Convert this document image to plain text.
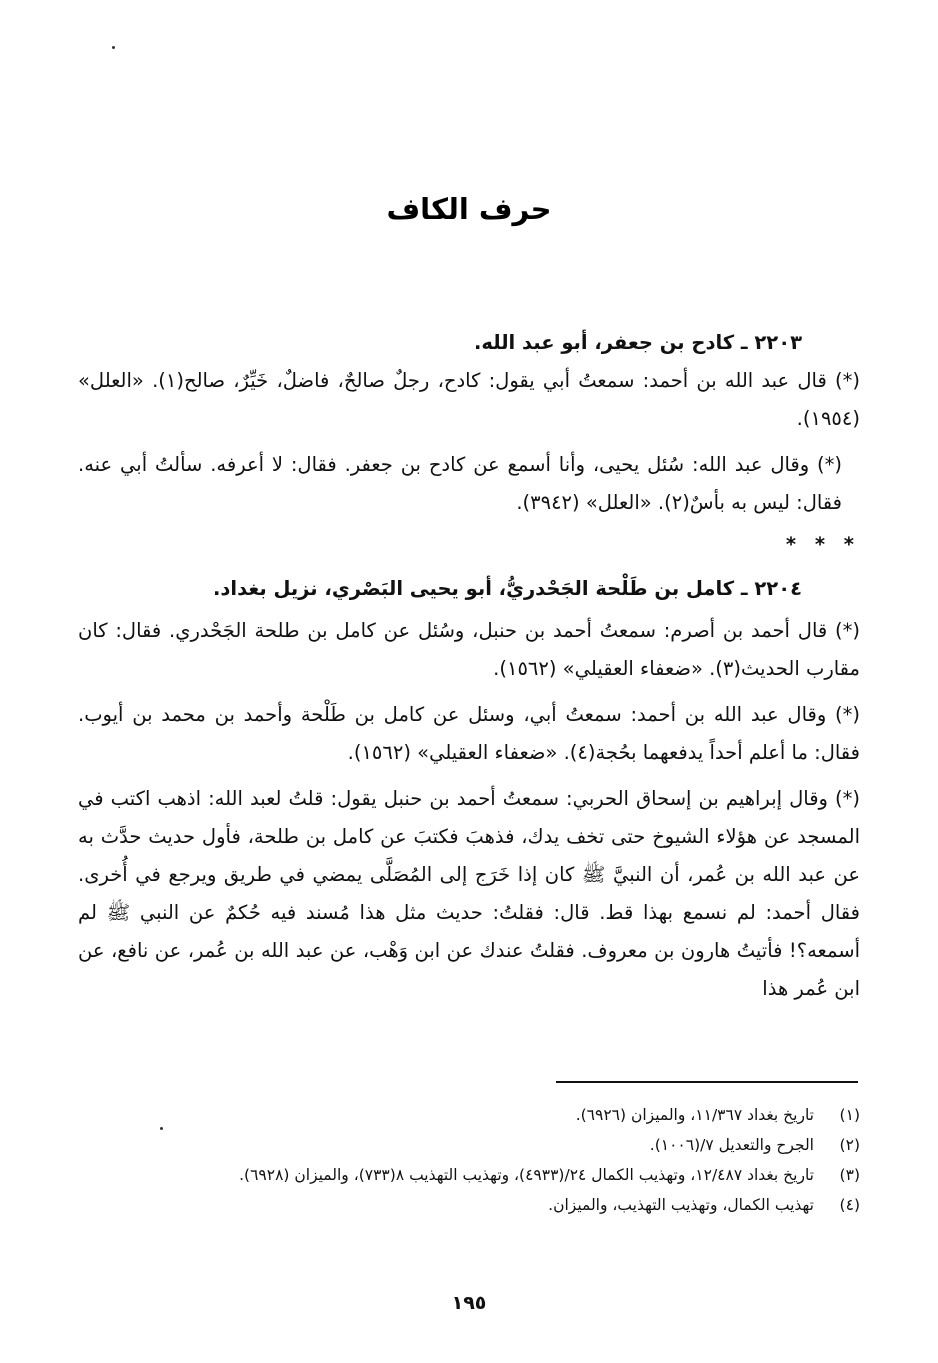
حرف الكاف
٢٢٠٣ ـ كادح بن جعفر، أبو عبد الله.

(*) قال عبد الله بن أحمد: سمعتُ أبي يقول: كادح، رجلٌ صالحٌ، فاضلٌ، خَيِّرٌ، صالح(١). «العلل» (١٩٥٤).

(*) وقال عبد الله: سُئل يحيى، وأنا أسمع عن كادح بن جعفر. فقال: لا أعرفه. سألتُ أبي عنه. فقال: ليس به بأسٌ(٢). «العلل» (٣٩٤٢).

* * *
٢٢٠٤ ـ كامل بن طَلْحة الجَحْدريُّ، أبو يحيى البَصْري، نزيل بغداد.

(*) قال أحمد بن أصرم: سمعتُ أحمد بن حنبل، وسُئل عن كامل بن طلحة الجَحْدري. فقال: كان مقارب الحديث(٣). «ضعفاء العقيلي» (١٥٦٢).

(*) وقال عبد الله بن أحمد: سمعتُ أبي، وسئل عن كامل بن طَلْحة وأحمد بن محمد بن أيوب. فقال: ما أعلم أحداً يدفعهما بحُجة(٤). «ضعفاء العقيلي» (١٥٦٢).

(*) وقال إبراهيم بن إسحاق الحربي: سمعتُ أحمد بن حنبل يقول: قلتُ لعبد الله: اذهب اكتب في المسجد عن هؤلاء الشيوخ حتى تخف يدك، فذهبَ فكتبَ عن كامل بن طلحة، فأول حديث حدَّث به عن عبد الله بن عُمر، أن النبيَّ ﷺ كان إذا خَرَج إلى المُصَلَّى يمضي في طريق ويرجع في أُخرى. فقال أحمد: لم نسمع بهذا قط. قال: فقلتُ: حديث مثل هذا مُسند فيه حُكمٌ عن النبي ﷺ لم أسمعه؟! فأتيتُ هارون بن معروف. فقلتُ عندك عن ابن وَهْب، عن عبد الله بن عُمر، عن نافع، عن ابن عُمر هذا

(١)
تاريخ بغداد ١١/٣٦٧، والميزان (٦٩٢٦).
(٢)
الجرح والتعديل ٧/(١٠٠٦).
(٣)
تاريخ بغداد ١٢/٤٨٧، وتهذيب الكمال ٢٤/(٤٩٣٣)، وتهذيب التهذيب ٨(٧٣٣)، والميزان (٦٩٢٨).
(٤)
تهذيب الكمال، وتهذيب التهذيب، والميزان.
١٩٥
